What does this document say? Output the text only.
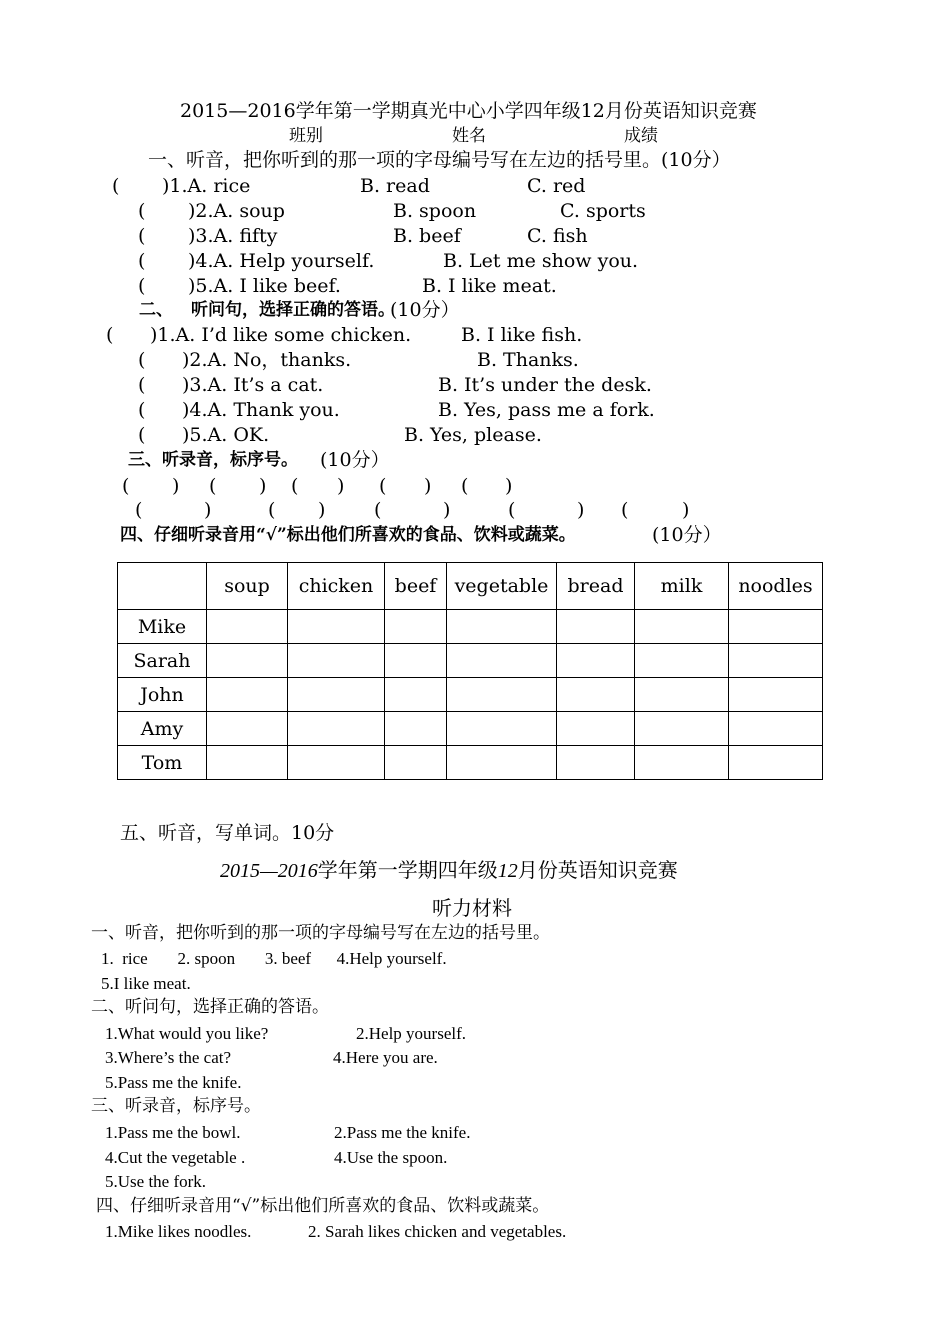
2015—2016学年第一学期真光中心小学四年级12月份英语知识竞赛
班别	姓名	成绩
一、听音，把你听到的那一项的字母编号写在左边的括号里。(10分）
( )1.A. rice	B. read	C. red
( )2.A. soup	B. spoon	C. sports
( )3.A. fifty	B. beef	C. fish
( )4.A. Help yourself.	B. Let me show you.
( )5.A. I like beef.	B. I like meat.
二、 听问句，选择正确的答语。
(10分）
( )1.A. I’d like some chicken.	B. I like fish.
( )2.A. No，thanks.	B. Thanks.
( )3.A. It’s a cat.	B. It’s under the desk.
( )4.A. Thank you.	B. Yes, pass me a fork.
( )5.A. OK.	B. Yes, please.
三、听录音，标序号。 (10分）
( ) ( ) ( ) ( ) ( )
(	)	( )	(	)	(	) (	)
四、仔细听录音用“√”标出他们所喜欢的食品、饮料或蔬菜。	(10分）
	soup	chicken	beef	vegetable	bread	milk	noodles
Mike							
Sarah							
John							
Amy							
Tom							
五、听音，写单词。10分
2015—2016学年第一学期四年级12月份英语知识竞赛
听力材料
一、听音，把你听到的那一项的字母编号写在左边的括号里。
1.  rice       2. spoon       3. beef      4.Help yourself.
5.I like meat.
二、听问句，选择正确的答语。
1.What would you like?	2.Help yourself.
3.Where’s the cat?	4.Here you are.
5.Pass me the knife.
三、听录音，标序号。
1.Pass me the bowl.	2.Pass me the knife.
4.Cut the vegetable .	4.Use the spoon.
5.Use the fork.
四、仔细听录音用“√”标出他们所喜欢的食品、饮料或蔬菜。
1.Mike likes noodles.	2. Sarah likes chicken and vegetables.
